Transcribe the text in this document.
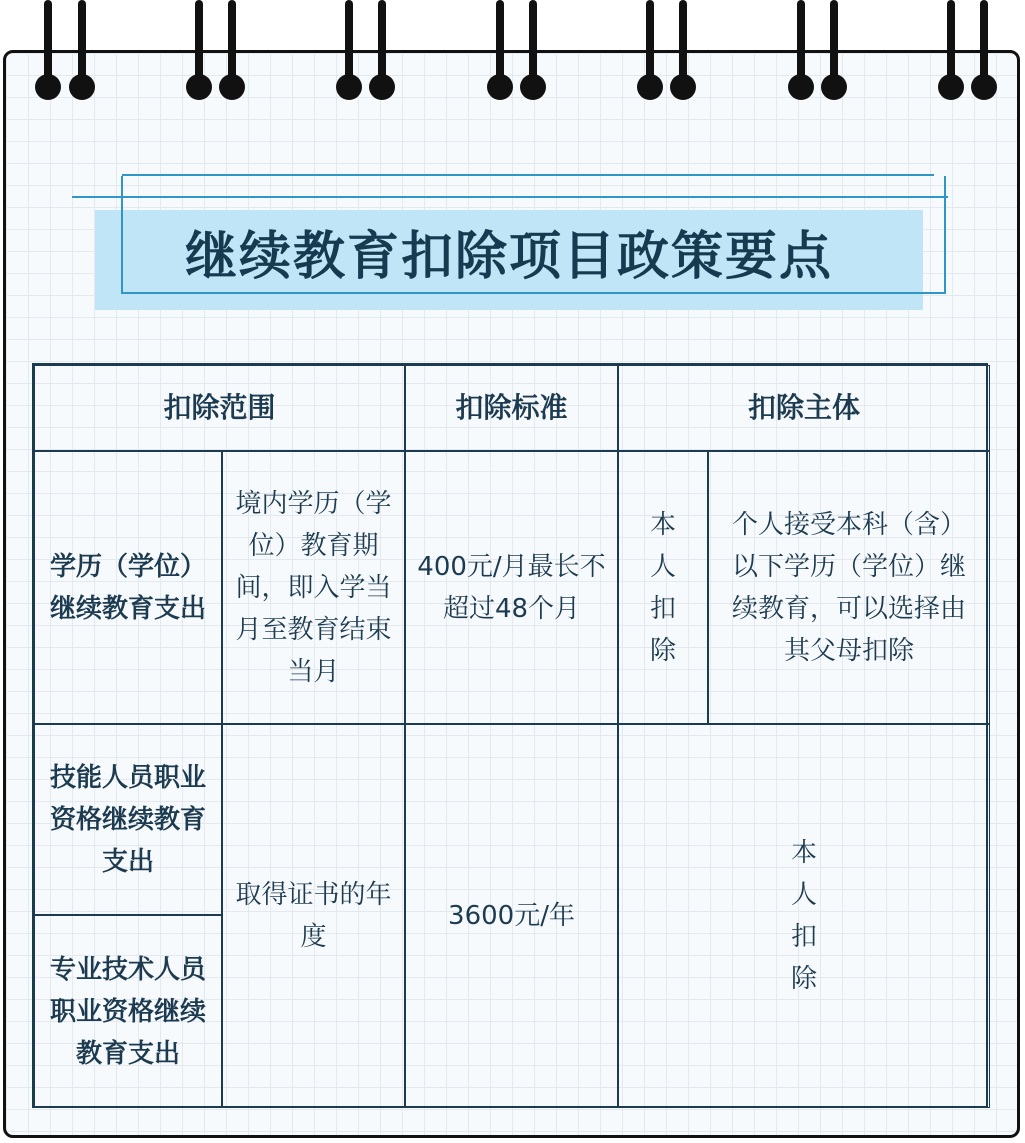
继续教育扣除项目政策要点
扣除范围	扣除标准	扣除主体
学历（学位）继续教育支出
境内学历（学位）教育期间，即入学当月至教育结束当月
400元/月最长不超过48个月
本人扣除
个人接受本科（含）以下学历（学位）继续教育，可以选择由其父母扣除
技能人员职业资格继续教育支出
专业技术人员职业资格继续教育支出
取得证书的年度
3600元/年
本人扣除
